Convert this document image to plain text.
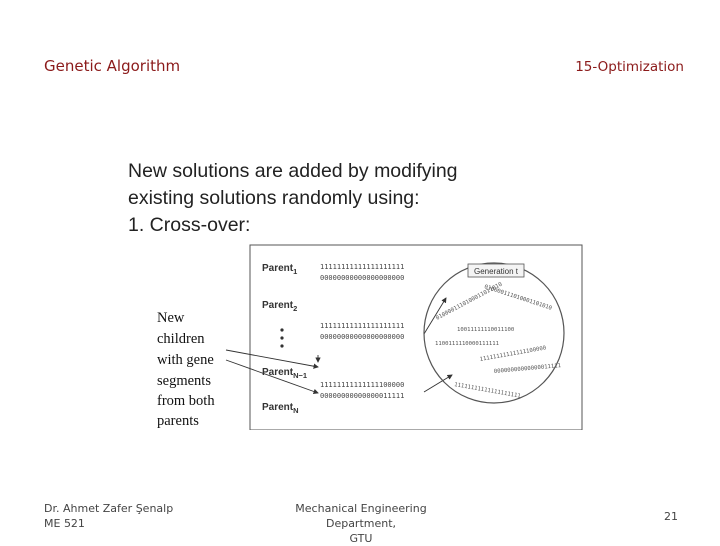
Genetic Algorithm	15-Optimization
New solutions are added by modifying
existing solutions randomly using:
1. Cross-over:
New
children
with gene
segments
from both
parents
Parent$_1$
Parent$_2$
Parent$_{N-1}$
Parent$_N$
11111111111111111111
00000000000000000000
11111111111111111111
00000000000000000000
11111111111111100000
00000000000000011111
Generation t
0100001110100011011010
010000111010001101010
10011111110011100
1100111110000111111
11111111111111100000
00000000000000011111
11111111111111111111
Dr. Ahmet Zafer Şenalp
ME 521
Mechanical Engineering Department,
GTU
21
